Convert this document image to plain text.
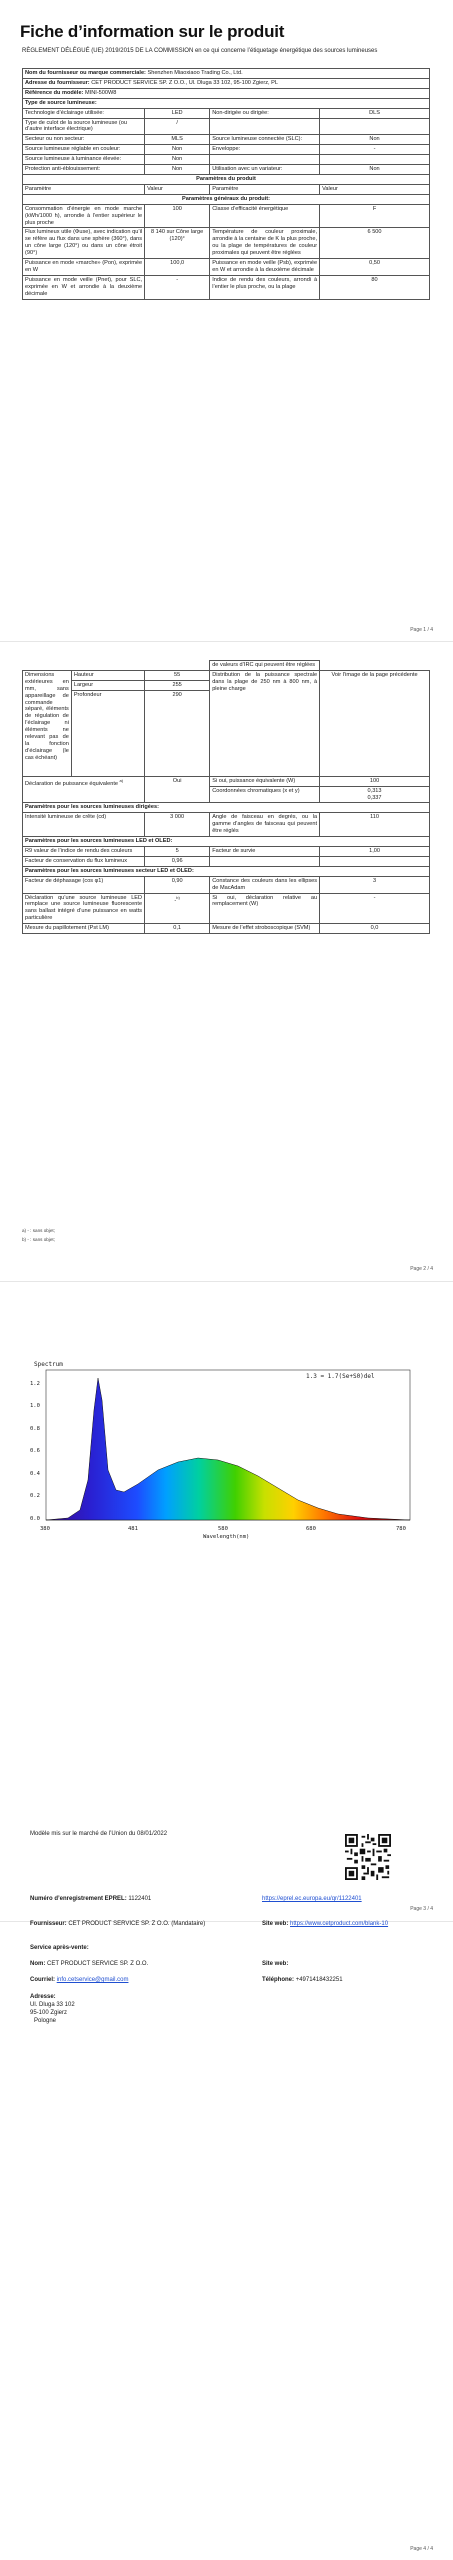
Fiche d’information sur le produit
RÈGLEMENT DÉLÉGUÉ (UE) 2019/2015 DE LA COMMISSION en ce qui concerne l’étiquetage énergétique des sources lumineuses
Nom du fournisseur ou marque commerciale: Shenzhen Miaoxiaoo Trading Co., Ltd.			
Adresse du fournisseur: CET PRODUCT SERVICE SP. Z O.O., Ul. Dluga 33 102, 95-100 Zgierz, PL			
Référence du modèle: MINI-500W8			
Type de source lumineuse:			
Technologie d’éclairage utilisée:	LED	Non-dirigée ou dirigée:	DLS
Type de culot de la source lumineuse (ou d’autre interface électrique)	/		
Secteur ou non secteur:	MLS	Source lumineuse connectée (SLC):	Non
Source lumineuse réglable en couleur:	Non	Enveloppe:	-
Source lumineuse à luminance élevée:	Non		
Protection anti-éblouissement:	Non	Utilisation avec un variateur:	Non
Paramètres du produit			
Paramètre	Valeur	Paramètre	Valeur
Paramètres généraux du produit:			
Consommation d’énergie en mode marche (kWh/1000 h), arrondie à l’entier supérieur le plus proche	100	Classe d’efficacité énergétique	F
Flux lumineux utile (Φuse), avec indication qu’il se réfère au flux dans une sphère (360°), dans un cône large (120°) ou dans un cône étroit (90°)	8 140 sur Cône large (120)°	Température de couleur proximale, arrondie à la centaine de K la plus proche, ou la plage de températures de couleur proximales qui peuvent être réglées	6 500
Puissance en mode «marche» (Pon), exprimée en W	100,0	Puissance en mode veille (Psb), exprimée en W et arrondie à la deuxième décimale	0,50
Puissance en mode veille (Pnet), pour SLC, exprimée en W et arrondie à la deuxième décimale	-	Indice de rendu des couleurs, arrondi à l’entier le plus proche, ou la plage	80
Page 1 / 4
			de valeurs d’IRC qui peuvent être réglées	
Dimensions extérieures en mm, sans appareillage de commande séparé, éléments de régulation de l’éclairage ni éléments ne relevant pas de la fonction d’éclairage (le cas échéant)	Hauteur	55	Distribution de la puissance spectrale dans la plage de 250 nm à 800 nm, à pleine charge	Voir l’image de la page précédente
	Largeur	255		
	Profondeur	290		
Déclaration de puissance équivalente $^{a)}$		Oui	Si oui, puissance équivalente (W)	100
			Coordonnées chromatiques (x et y)	0,313
0,337
Paramètres pour les sources lumineuses dirigées:				
Intensité lumineuse de crête (cd)		3 000	Angle de faisceau en degrés, ou la gamme d’angles de faisceau qui peuvent être réglés	110
Paramètres pour les sources lumineuses LED et OLED:				
R9 valeur de l’indice de rendu des couleurs		5	Facteur de survie	1,00
Facteur de conservation du flux lumineux		0,96		
Paramètres pour les sources lumineuses secteur LED et OLED:				
Facteur de déphasage (cos φ1)		0,90	Constance des couleurs dans les ellipses de MacAdam	3
Déclaration qu’une source lumineuse LED remplace une source lumineuse fluorescente sans ballast intégré d’une puissance en watts particulière		-$^{b)}$	Si oui, déclaration relative au remplacement (W)	-
Mesure du papillotement (Pst LM)		0,1	Mesure de l’effet stroboscopique (SVM)	0,0
a) - : sans objet;
b) - : sans objet;
Page 2 / 4
Page 3 / 4
Spectrum
1.3 = 1.7(Se+S0)del
1.2
1.0
0.8
0.6
0.4
0.2
0.0
380	481	580	680	780
Wavelength(nm)
Page 4 / 4
Modèle mis sur le marché de l’Union du 08/01/2022
Numéro d’enregistrement EPREL: 1122401	https://eprel.ec.europa.eu/qr/1122401
Fournisseur: CET PRODUCT SERVICE SP. Z O.O. (Mandataire)	Site web: https://www.cetproduct.com/blank-10
Service après-vente:
Nom: CET PRODUCT SERVICE SP. Z O.O.	Site web:
Courriel: info.cetservice@gmail.com	Téléphone: +4971418432251
Adresse:
Ul. Dluga 33 102
95-100 Zgierz
Pologne
